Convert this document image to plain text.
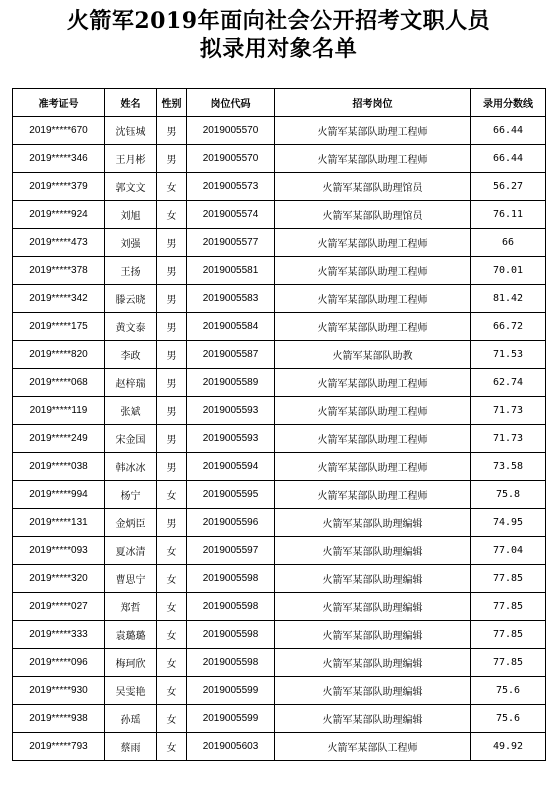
火箭军2019年面向社会公开招考文职人员
拟录用对象名单
准考证号	姓名	性别	岗位代码	招考岗位	录用分数线
2019*****670	沈钰城	男	2019005570	火箭军某部队助理工程师	66.44
2019*****346	王月彬	男	2019005570	火箭军某部队助理工程师	66.44
2019*****379	郭文文	女	2019005573	火箭军某部队助理馆员	56.27
2019*****924	刘旭	女	2019005574	火箭军某部队助理馆员	76.11
2019*****473	刘强	男	2019005577	火箭军某部队助理工程师	66
2019*****378	王扬	男	2019005581	火箭军某部队助理工程师	70.01
2019*****342	滕云晓	男	2019005583	火箭军某部队助理工程师	81.42
2019*****175	黄文泰	男	2019005584	火箭军某部队助理工程师	66.72
2019*****820	李政	男	2019005587	火箭军某部队助教	71.53
2019*****068	赵梓瑞	男	2019005589	火箭军某部队助理工程师	62.74
2019*****119	张斌	男	2019005593	火箭军某部队助理工程师	71.73
2019*****249	宋金国	男	2019005593	火箭军某部队助理工程师	71.73
2019*****038	韩冰冰	男	2019005594	火箭军某部队助理工程师	73.58
2019*****994	杨宁	女	2019005595	火箭军某部队助理工程师	75.8
2019*****131	金炳臣	男	2019005596	火箭军某部队助理编辑	74.95
2019*****093	夏冰清	女	2019005597	火箭军某部队助理编辑	77.04
2019*****320	曹思宁	女	2019005598	火箭军某部队助理编辑	77.85
2019*****027	郑哲	女	2019005598	火箭军某部队助理编辑	77.85
2019*****333	袁璐璐	女	2019005598	火箭军某部队助理编辑	77.85
2019*****096	梅珂欣	女	2019005598	火箭军某部队助理编辑	77.85
2019*****930	吴雯艳	女	2019005599	火箭军某部队助理编辑	75.6
2019*****938	孙瑶	女	2019005599	火箭军某部队助理编辑	75.6
2019*****793	蔡雨	女	2019005603	火箭军某部队工程师	49.92
